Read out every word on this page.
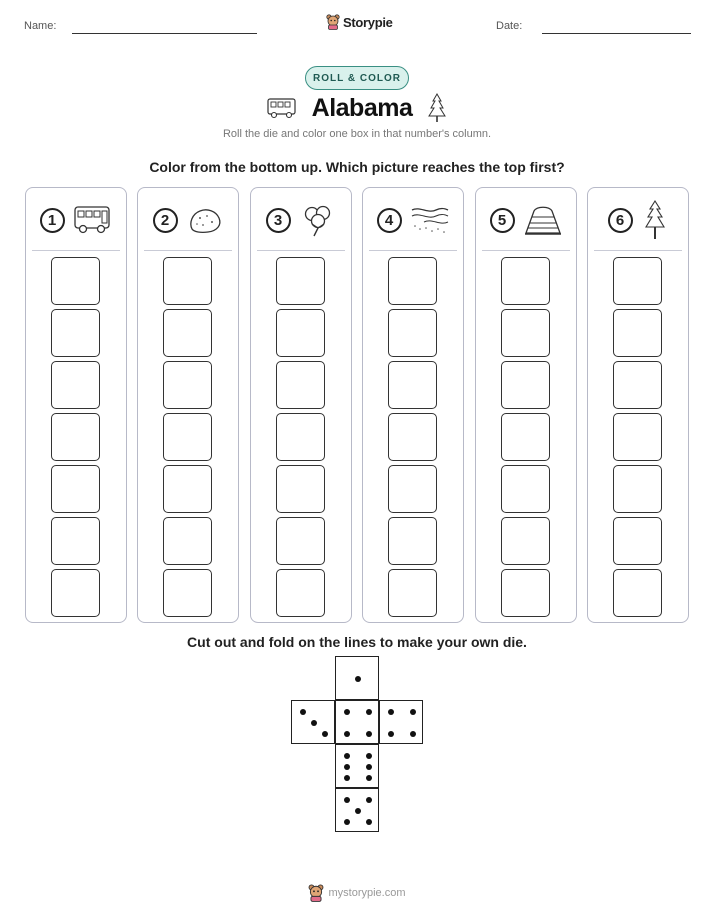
Name:	Storypie	Date:
ROLL & COLOR
Alabama
Roll the die and color one box in that number's column.
Color from the bottom up. Which picture reaches the top first?
1	2	3	4	5	6
Cut out and fold on the lines to make your own die.
mystorypie.com
